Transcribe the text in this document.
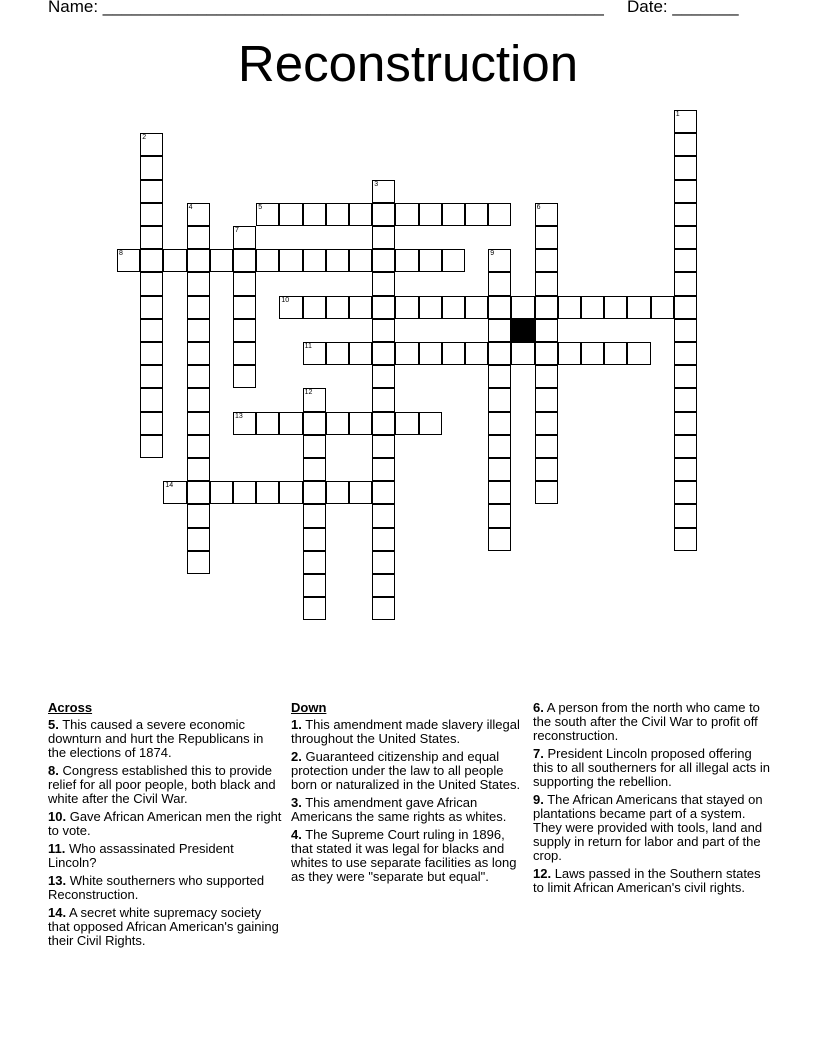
Name: _____________________________________________________ Date: _______
Reconstruction
1
2
3
4	5	6
7
8	9
10
11
12
13
14
Across
5. This caused a severe economic downturn and hurt the Republicans in the elections of 1874.
8. Congress established this to provide relief for all poor people, both black and white after the Civil War.
10. Gave African American men the right to vote.
11. Who assassinated President Lincoln?
13. White southerners who supported Reconstruction.
14. A secret white supremacy society that opposed African American's gaining their Civil Rights.
Down
1. This amendment made slavery illegal throughout the United States.
2. Guaranteed citizenship and equal protection under the law to all people born or naturalized in the United States.
3. This amendment gave African Americans the same rights as whites.
4. The Supreme Court ruling in 1896, that stated it was legal for blacks and whites to use separate facilities as long as they were "separate but equal".
6. A person from the north who came to the south after the Civil War to profit off reconstruction.
7. President Lincoln proposed offering this to all southerners for all illegal acts in supporting the rebellion.
9. The African Americans that stayed on plantations became part of a system. They were provided with tools, land and supply in return for labor and part of the crop.
12. Laws passed in the Southern states to limit African American's civil rights.
